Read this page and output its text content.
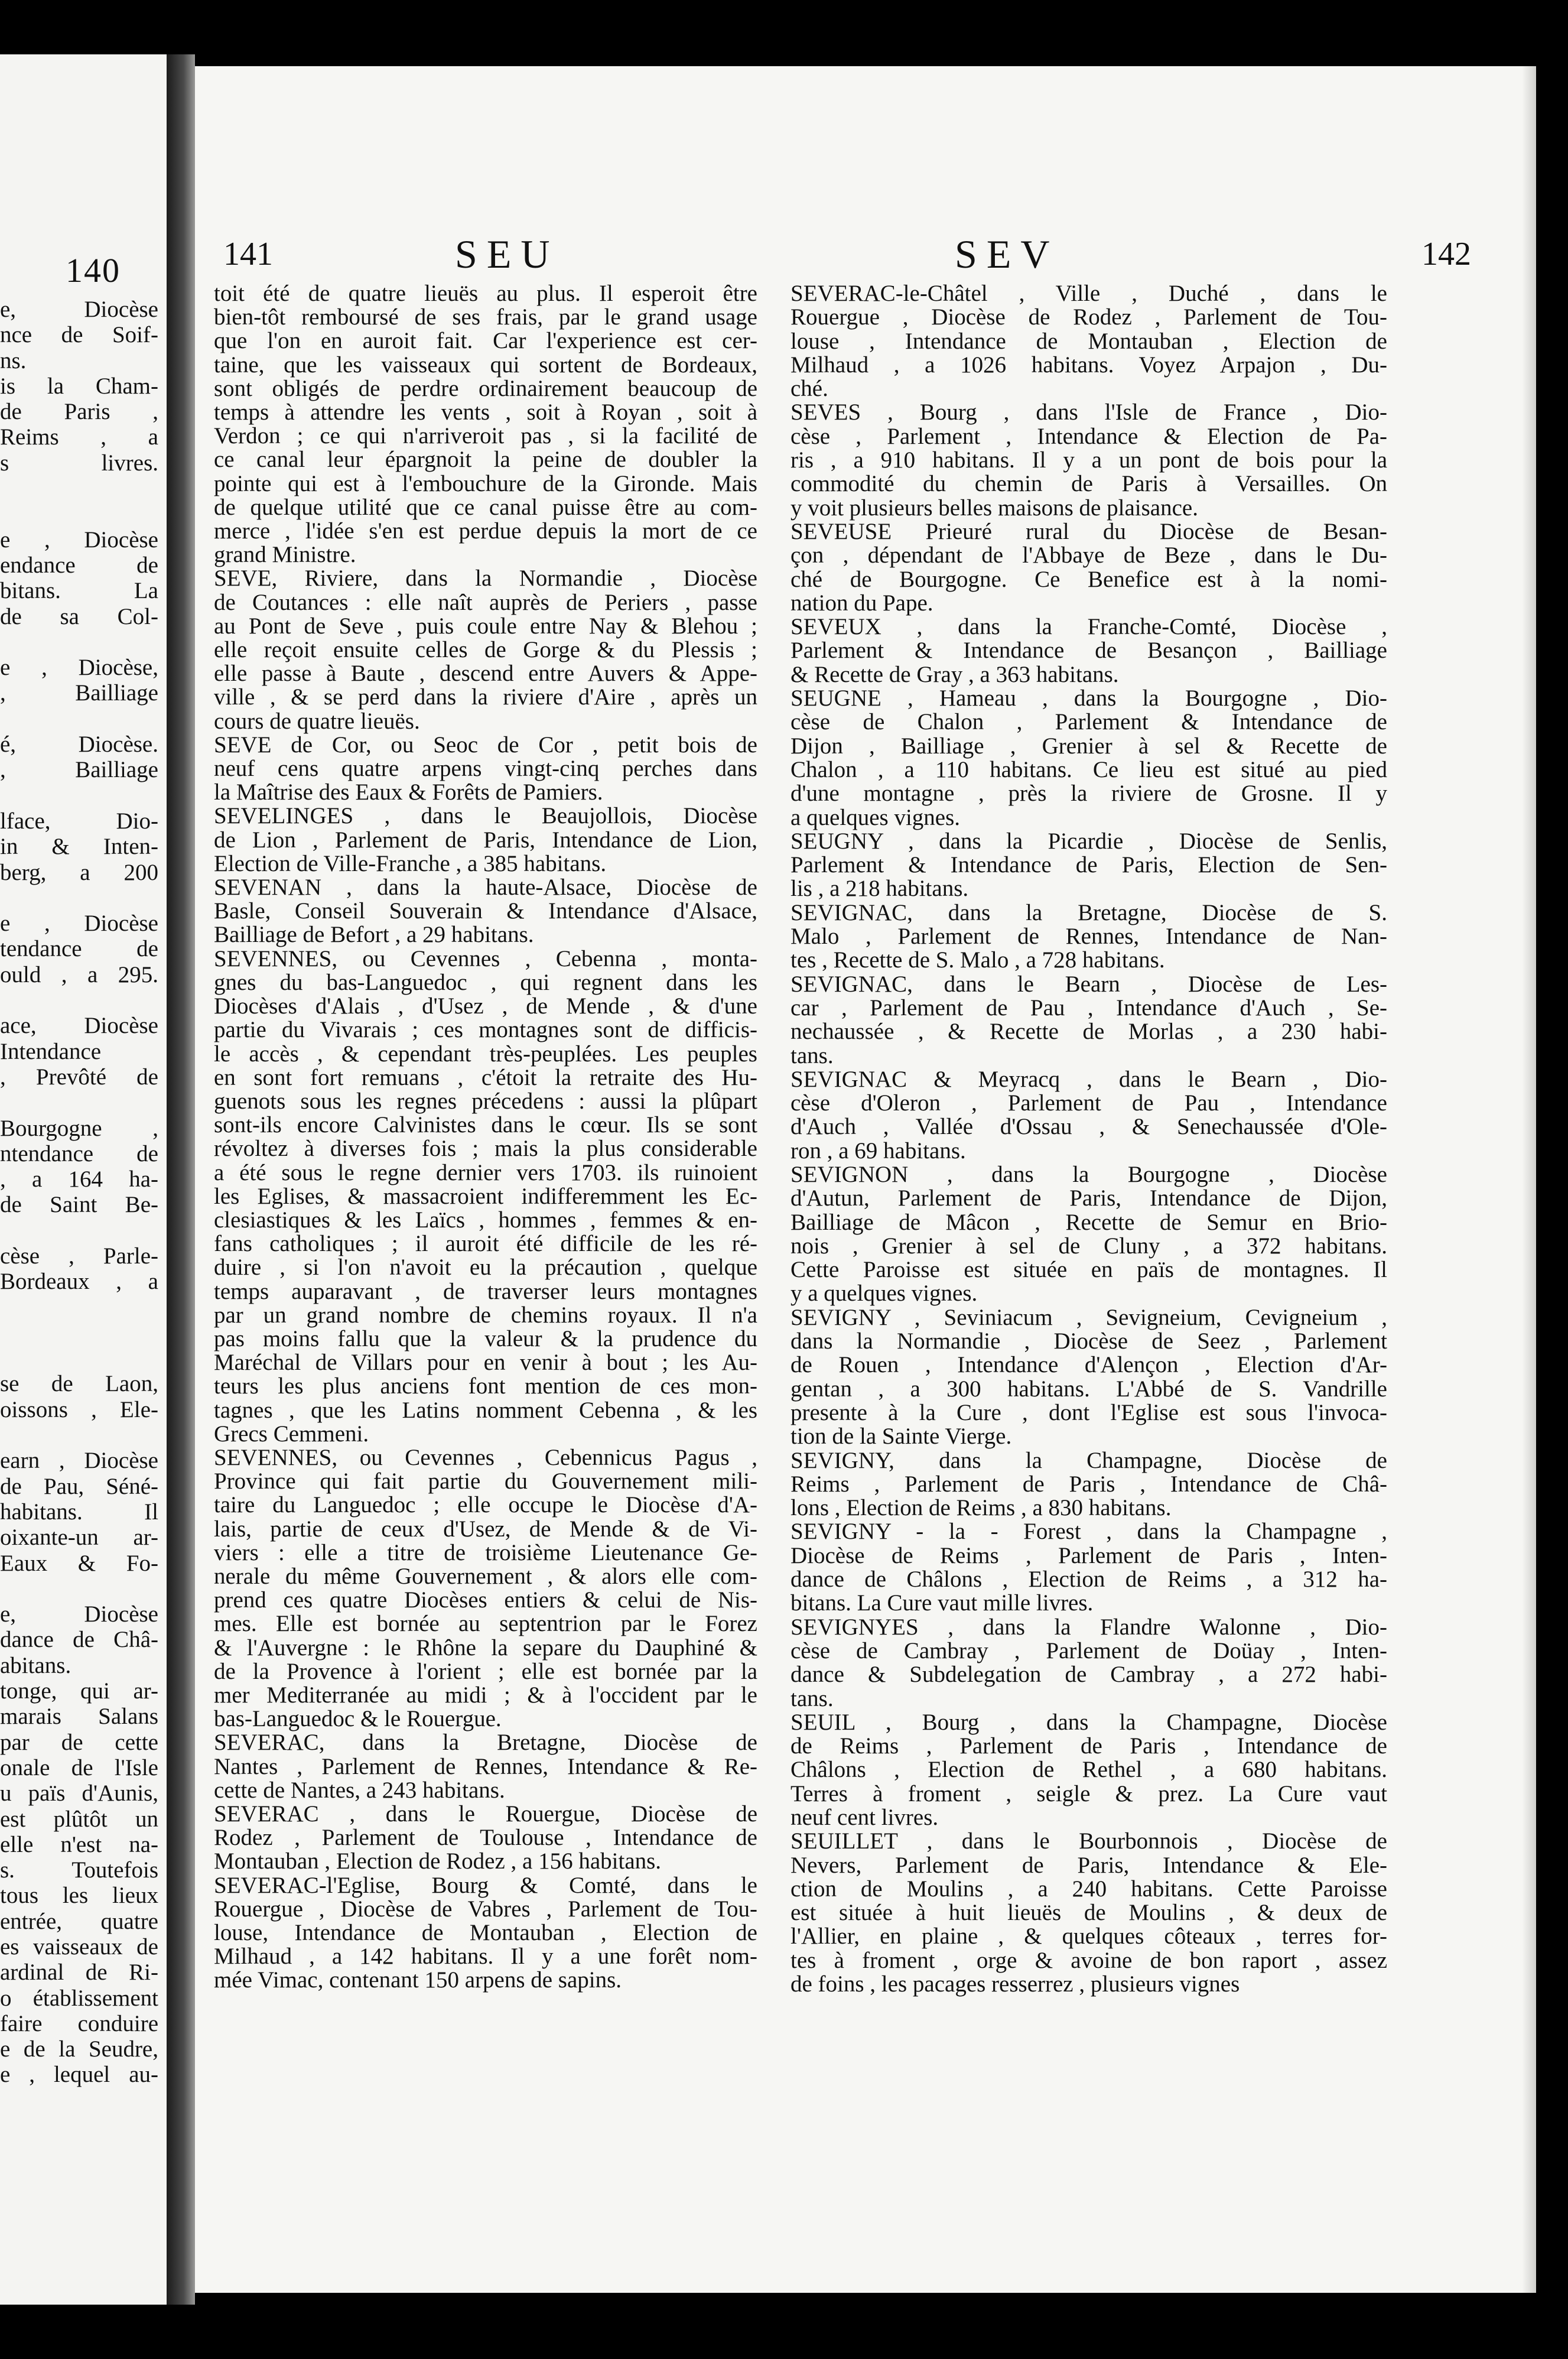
140
e, Diocèse
nce de Soif-
ns.
is la Cham-
de Paris ,
Reims , a
s livres.

e , Diocèse
endance de
bitans. La
de sa Col-

e , Diocèse,
, Bailliage

é, Diocèse.
, Bailliage

lface, Dio-
in & Inten-
berg, a 200

e , Diocèse
tendance de
ould , a 295.

ace, Diocèse
Intendance
, Prevôté de

Bourgogne ,
ntendance de
, a 164 ha-
de Saint Be-

cèse , Parle-
Bordeaux , a

se de Laon,
oissons , Ele-

earn , Diocèse
de Pau, Séné-
habitans. Il
oixante-un ar-
Eaux & Fo-

e, Diocèse
dance de Châ-
abitans.
tonge, qui ar-
marais Salans
par de cette
onale de l'Isle
u païs d'Aunis,
est plûtôt un
elle n'est na-
s. Toutefois
tous les lieux
entrée, quatre
es vaisseaux de
ardinal de Ri-
o établissement
faire conduire
e de la Seudre,
e , lequel au-
141	SEU	SEV	142
toit été de quatre lieuës au plus. Il esperoit être
bien-tôt remboursé de ses frais, par le grand usage
que l'on en auroit fait. Car l'experience est cer-
taine, que les vaisseaux qui sortent de Bordeaux,
sont obligés de perdre ordinairement beaucoup de
temps à attendre les vents , soit à Royan , soit à
Verdon ; ce qui n'arriveroit pas , si la facilité de
ce canal leur épargnoit la peine de doubler la
pointe qui est à l'embouchure de la Gironde. Mais
de quelque utilité que ce canal puisse être au com-
merce , l'idée s'en est perdue depuis la mort de ce
grand Ministre.
SEVE, Riviere, dans la Normandie , Diocèse
de Coutances : elle naît auprès de Periers , passe
au Pont de Seve , puis coule entre Nay & Blehou ;
elle reçoit ensuite celles de Gorge & du Plessis ;
elle passe à Baute , descend entre Auvers & Appe-
ville , & se perd dans la riviere d'Aire , après un
cours de quatre lieuës.
SEVE de Cor, ou Seoc de Cor , petit bois de
neuf cens quatre arpens vingt-cinq perches dans
la Maîtrise des Eaux & Forêts de Pamiers.
SEVELINGES , dans le Beaujollois, Diocèse
de Lion , Parlement de Paris, Intendance de Lion,
Election de Ville-Franche , a 385 habitans.
SEVENAN , dans la haute-Alsace, Diocèse de
Basle, Conseil Souverain & Intendance d'Alsace,
Bailliage de Befort , a 29 habitans.
SEVENNES, ou Cevennes , Cebenna , monta-
gnes du bas-Languedoc , qui regnent dans les
Diocèses d'Alais , d'Usez , de Mende , & d'une
partie du Vivarais ; ces montagnes sont de difficis-
le accès , & cependant très-peuplées. Les peuples
en sont fort remuans , c'étoit la retraite des Hu-
guenots sous les regnes précedens : aussi la plûpart
sont-ils encore Calvinistes dans le cœur. Ils se sont
révoltez à diverses fois ; mais la plus considerable
a été sous le regne dernier vers 1703. ils ruinoient
les Eglises, & massacroient indifferemment les Ec-
clesiastiques & les Laïcs , hommes , femmes & en-
fans catholiques ; il auroit été difficile de les ré-
duire , si l'on n'avoit eu la précaution , quelque
temps auparavant , de traverser leurs montagnes
par un grand nombre de chemins royaux. Il n'a
pas moins fallu que la valeur & la prudence du
Maréchal de Villars pour en venir à bout ; les Au-
teurs les plus anciens font mention de ces mon-
tagnes , que les Latins nomment Cebenna , & les
Grecs Cemmeni.
SEVENNES, ou Cevennes , Cebennicus Pagus ,
Province qui fait partie du Gouvernement mili-
taire du Languedoc ; elle occupe le Diocèse d'A-
lais, partie de ceux d'Usez, de Mende & de Vi-
viers : elle a titre de troisième Lieutenance Ge-
nerale du même Gouvernement , & alors elle com-
prend ces quatre Diocèses entiers & celui de Nis-
mes. Elle est bornée au septentrion par le Forez
& l'Auvergne : le Rhône la separe du Dauphiné &
de la Provence à l'orient ; elle est bornée par la
mer Mediterranée au midi ; & à l'occident par le
bas-Languedoc & le Rouergue.
SEVERAC, dans la Bretagne, Diocèse de
Nantes , Parlement de Rennes, Intendance & Re-
cette de Nantes, a 243 habitans.
SEVERAC , dans le Rouergue, Diocèse de
Rodez , Parlement de Toulouse , Intendance de
Montauban , Election de Rodez , a 156 habitans.
SEVERAC-l'Eglise, Bourg & Comté, dans le
Rouergue , Diocèse de Vabres , Parlement de Tou-
louse, Intendance de Montauban , Election de
Milhaud , a 142 habitans. Il y a une forêt nom-
mée Vimac, contenant 150 arpens de sapins.
SEVERAC-le-Châtel , Ville , Duché , dans le
Rouergue , Diocèse de Rodez , Parlement de Tou-
louse , Intendance de Montauban , Election de
Milhaud , a 1026 habitans. Voyez Arpajon , Du-
ché.
SEVES , Bourg , dans l'Isle de France , Dio-
cèse , Parlement , Intendance & Election de Pa-
ris , a 910 habitans. Il y a un pont de bois pour la
commodité du chemin de Paris à Versailles. On
y voit plusieurs belles maisons de plaisance.
SEVEUSE Prieuré rural du Diocèse de Besan-
çon , dépendant de l'Abbaye de Beze , dans le Du-
ché de Bourgogne. Ce Benefice est à la nomi-
nation du Pape.
SEVEUX , dans la Franche-Comté, Diocèse ,
Parlement & Intendance de Besançon , Bailliage
& Recette de Gray , a 363 habitans.
SEUGNE , Hameau , dans la Bourgogne , Dio-
cèse de Chalon , Parlement & Intendance de
Dijon , Bailliage , Grenier à sel & Recette de
Chalon , a 110 habitans. Ce lieu est situé au pied
d'une montagne , près la riviere de Grosne. Il y
a quelques vignes.
SEUGNY , dans la Picardie , Diocèse de Senlis,
Parlement & Intendance de Paris, Election de Sen-
lis , a 218 habitans.
SEVIGNAC, dans la Bretagne, Diocèse de S.
Malo , Parlement de Rennes, Intendance de Nan-
tes , Recette de S. Malo , a 728 habitans.
SEVIGNAC, dans le Bearn , Diocèse de Les-
car , Parlement de Pau , Intendance d'Auch , Se-
nechaussée , & Recette de Morlas , a 230 habi-
tans.
SEVIGNAC & Meyracq , dans le Bearn , Dio-
cèse d'Oleron , Parlement de Pau , Intendance
d'Auch , Vallée d'Ossau , & Senechaussée d'Ole-
ron , a 69 habitans.
SEVIGNON , dans la Bourgogne , Diocèse
d'Autun, Parlement de Paris, Intendance de Dijon,
Bailliage de Mâcon , Recette de Semur en Brio-
nois , Grenier à sel de Cluny , a 372 habitans.
Cette Paroisse est située en païs de montagnes. Il
y a quelques vignes.
SEVIGNY , Seviniacum , Sevigneium, Cevigneium ,
dans la Normandie , Diocèse de Seez , Parlement
de Rouen , Intendance d'Alençon , Election d'Ar-
gentan , a 300 habitans. L'Abbé de S. Vandrille
presente à la Cure , dont l'Eglise est sous l'invoca-
tion de la Sainte Vierge.
SEVIGNY, dans la Champagne, Diocèse de
Reims , Parlement de Paris , Intendance de Châ-
lons , Election de Reims , a 830 habitans.
SEVIGNY - la - Forest , dans la Champagne ,
Diocèse de Reims , Parlement de Paris , Inten-
dance de Châlons , Election de Reims , a 312 ha-
bitans. La Cure vaut mille livres.
SEVIGNYES , dans la Flandre Walonne , Dio-
cèse de Cambray , Parlement de Doüay , Inten-
dance & Subdelegation de Cambray , a 272 habi-
tans.
SEUIL , Bourg , dans la Champagne, Diocèse
de Reims , Parlement de Paris , Intendance de
Châlons , Election de Rethel , a 680 habitans.
Terres à froment , seigle & prez. La Cure vaut
neuf cent livres.
SEUILLET , dans le Bourbonnois , Diocèse de
Nevers, Parlement de Paris, Intendance & Ele-
ction de Moulins , a 240 habitans. Cette Paroisse
est située à huit lieuës de Moulins , & deux de
l'Allier, en plaine , & quelques côteaux , terres for-
tes à froment , orge & avoine de bon raport , assez
de foins , les pacages resserrez , plusieurs vignes
